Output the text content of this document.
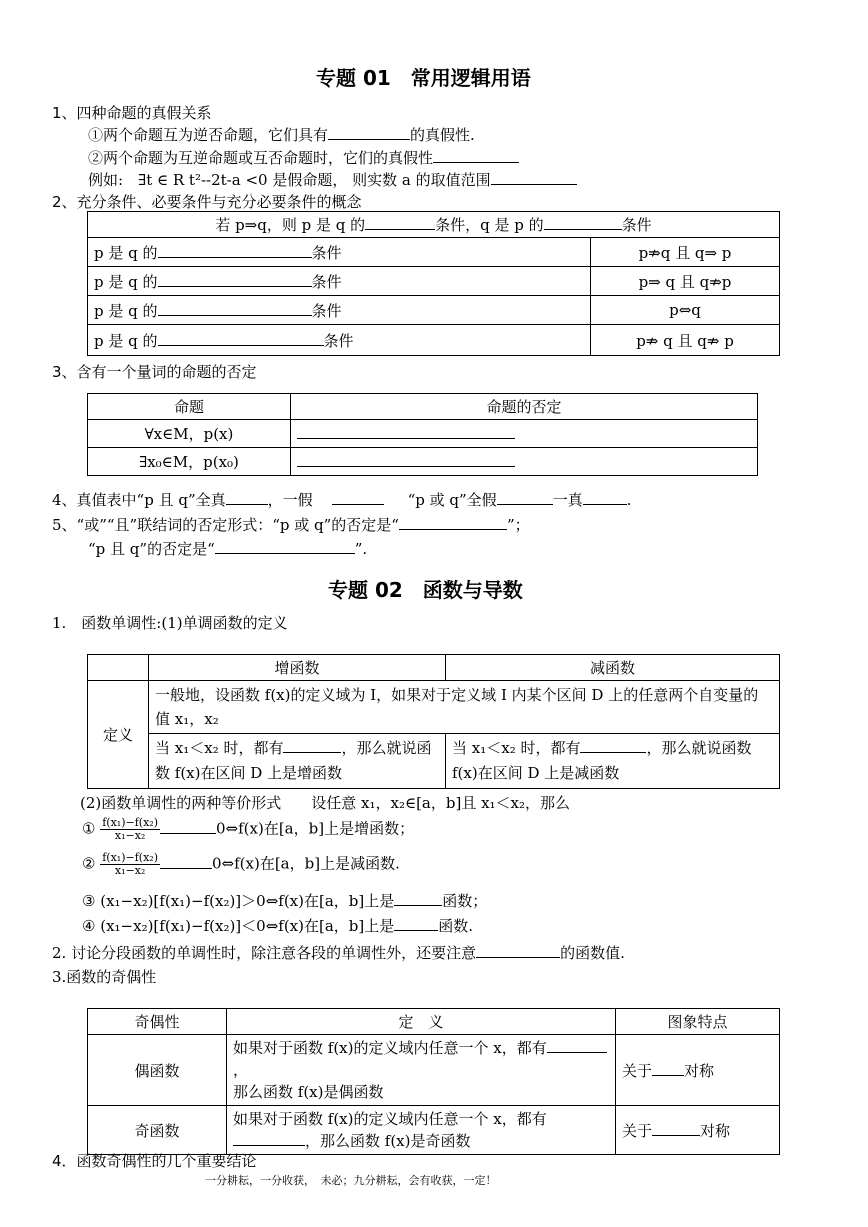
专题 01　常用逻辑用语
1、四种命题的真假关系
①两个命题互为逆否命题，它们具有	的真假性.
②两个命题为互逆命题或互否命题时，它们的真假性
例如:　∃t ∈ R t²--2t-a <0 是假命题， 则实数 a 的取值范围
2、充分条件、必要条件与充分必要条件的概念
若 p⇒q，则 p 是 q 的 条件，q 是 p 的 条件	
p 是 q 的 条件	p⇏q 且 q⇒ p
p 是 q 的 条件	p⇒ q 且 q⇏p
p 是 q 的 条件	p⇔q
p 是 q 的 条件	p⇏ q 且 q⇏ p
3、含有一个量词的命题的否定
命题	命题的否定
∀x∈M，p(x)	
∃x₀∈M，p(x₀)	
4、真值表中“p 且 q”全真	，一假	“p 或 q”全假	一真	.
5、“或”“且”联结词的否定形式：“p 或 q”的否定是“	”；
“p 且 q”的否定是“	”.
专题 02　函数与导数
1.　函数单调性:(1)单调函数的定义
	增函数	减函数
定义	一般地，设函数 f(x)的定义域为 I，如果对于定义域 I 内某个区间 D 上的任意两个自变量的值 x₁，x₂	
	当 x₁＜x₂ 时，都有 ，那么就说函数 f(x)在区间 D 上是增函数	当 x₁＜x₂ 时，都有 ，那么就说函数 f(x)在区间 D 上是减函数
(2)函数单调性的两种等价形式　　设任意 x₁，x₂∈[a，b]且 x₁＜x₂，那么
① $\frac{\text{f(x₁)−f(x₂)}}{\text{x₁−x₂}}$	0⇔f(x)在[a，b]上是增函数；
② $\frac{\text{f(x₁)−f(x₂)}}{\text{x₁−x₂}}$	0⇔f(x)在[a，b]上是减函数.
③ (x₁−x₂)[f(x₁)−f(x₂)]＞0⇔f(x)在[a，b]上是	函数；
④ (x₁−x₂)[f(x₁)−f(x₂)]＜0⇔f(x)在[a，b]上是	函数.
2. 讨论分段函数的单调性时，除注意各段的单调性外，还要注意	的函数值.
3.函数的奇偶性
奇偶性	定　义	图象特点
偶函数	如果对于函数 f(x)的定义域内任意一个 x，都有，
那么函数 f(x)是偶函数	关于 对称
奇函数	如果对于函数 f(x)的定义域内任意一个 x，都有，那么函数 f(x)是奇函数	关于 对称
4．函数奇偶性的几个重要结论
一分耕耘，一分收获，　未必；九分耕耘，会有收获，一定！
